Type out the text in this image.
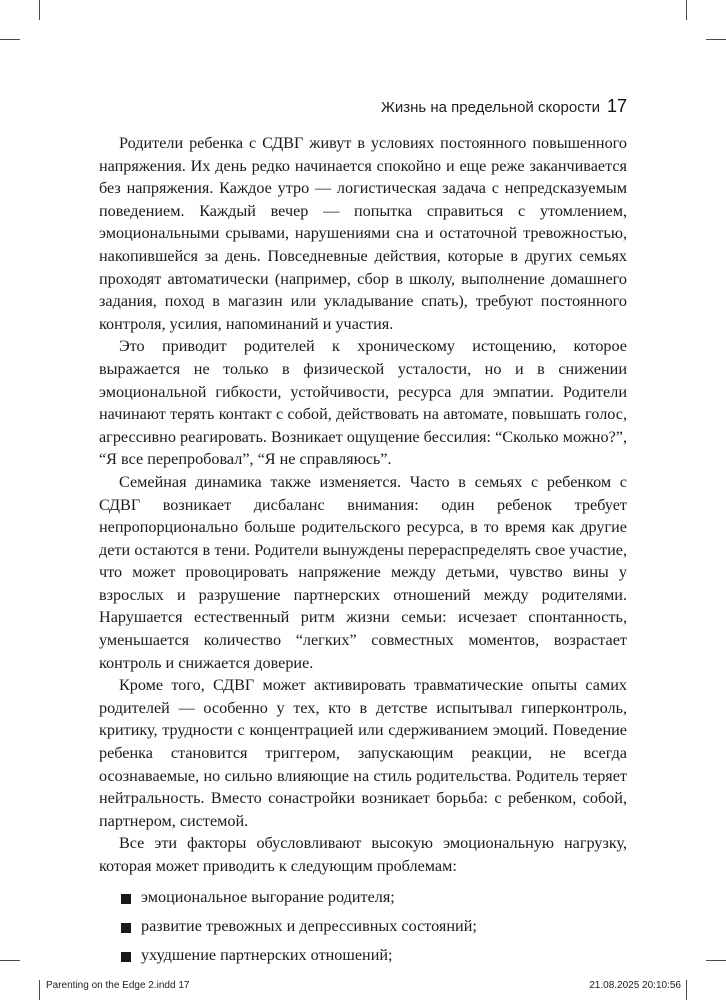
Жизнь на предельной скорости 17

Родители ребенка с СДВГ живут в условиях постоянного повышенного напряжения. Их день редко начинается спокойно и еще реже заканчивается без напряжения. Каждое утро — логистическая задача с непредсказуемым поведением. Каждый вечер — попытка справиться с утомлением, эмоциональными срывами, нарушениями сна и остаточной тревожностью, накопившейся за день. Повседневные действия, которые в других семьях проходят автоматически (например, сбор в школу, выполнение домашнего задания, поход в магазин или укладывание спать), требуют постоянного контроля, усилия, напоминаний и участия.

Это приводит родителей к хроническому истощению, которое выражается не только в физической усталости, но и в снижении эмоциональной гибкости, устойчивости, ресурса для эмпатии. Родители начинают терять контакт с собой, действовать на автомате, повышать голос, агрессивно реагировать. Возникает ощущение бессилия: “Сколько можно?”, “Я все перепробовал”, “Я не справляюсь”.

Семейная динамика также изменяется. Часто в семьях с ребенком с СДВГ возникает дисбаланс внимания: один ребенок требует непропорционально больше родительского ресурса, в то время как другие дети остаются в тени. Родители вынуждены перераспределять свое участие, что может провоцировать напряжение между детьми, чувство вины у взрослых и разрушение партнерских отношений между родителями. Нарушается естественный ритм жизни семьи: исчезает спонтанность, уменьшается количество “легких” совместных моментов, возрастает контроль и снижается доверие.

Кроме того, СДВГ может активировать травматические опыты самих родителей — особенно у тех, кто в детстве испытывал гиперконтроль, критику, трудности с концентрацией или сдерживанием эмоций. Поведение ребенка становится триггером, запускающим реакции, не всегда осознаваемые, но сильно влияющие на стиль родительства. Родитель теряет нейтральность. Вместо сонастройки возникает борьба: с ребенком, собой, партнером, системой.

Все эти факторы обусловливают высокую эмоциональную нагрузку, которая может приводить к следующим проблемам:

эмоциональное выгорание родителя;
развитие тревожных и депрессивных состояний;
ухудшение партнерских отношений;
Parenting on the Edge 2.indd 17	21.08.2025 20:10:56
